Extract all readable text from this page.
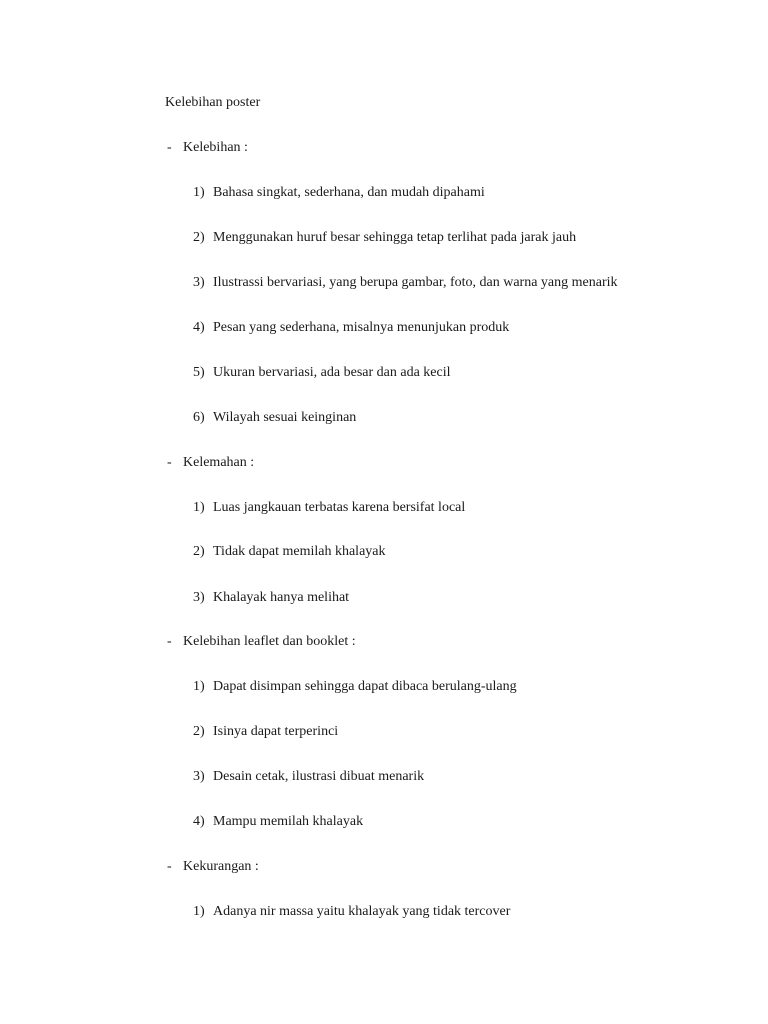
Kelebihan poster
- Kelebihan :
1) Bahasa singkat, sederhana, dan mudah dipahami
2) Menggunakan huruf besar sehingga tetap terlihat pada jarak jauh
3) Ilustrassi bervariasi, yang berupa gambar, foto, dan warna yang menarik
4) Pesan yang sederhana, misalnya menunjukan produk
5) Ukuran bervariasi, ada besar dan ada kecil
6) Wilayah sesuai keinginan
- Kelemahan :
1) Luas jangkauan terbatas karena bersifat local
2) Tidak dapat memilah khalayak
3) Khalayak hanya melihat
- Kelebihan leaflet dan booklet :
1) Dapat disimpan sehingga dapat dibaca berulang-ulang
2) Isinya dapat terperinci
3) Desain cetak, ilustrasi dibuat menarik
4) Mampu memilah khalayak
- Kekurangan :
1) Adanya nir massa yaitu khalayak yang tidak tercover
